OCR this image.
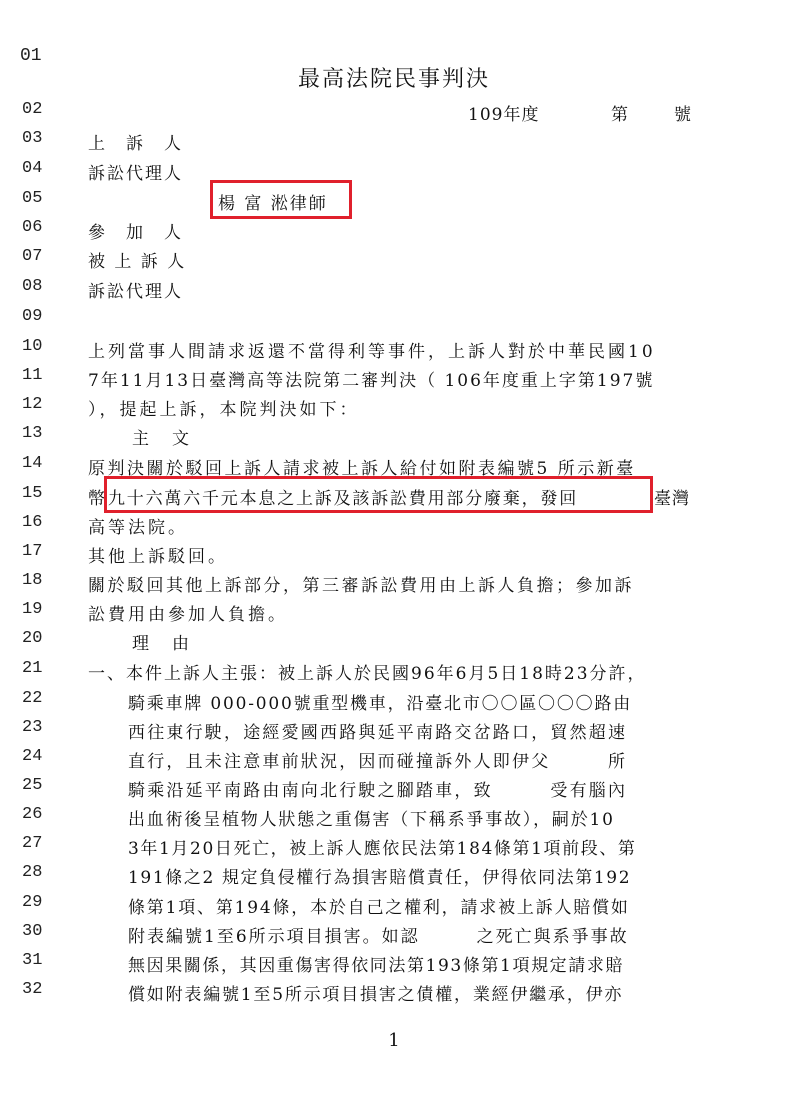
01
02
03
04
05
06
07
08
09
10
11
12
13
14
15
16
17
18
19
20
21
22
23
24
25
26
27
28
29
30
31
32
最高法院民事判決
109年度	第	號
上　訴　人
訴訟代理人
楊 富 淞律師
參　加　人
被 上 訴 人
訴訟代理人
上列當事人間請求返還不當得利等事件，上訴人對於中華民國10
7年11月13日臺灣高等法院第二審判決（ 106年度重上字第197號
），提起上訴，本院判決如下：
主　文
原判決關於駁回上訴人請求被上訴人給付如附表編號5 所示新臺
幣 九十六萬六千元本息之上訴及該訴訟費用部分廢棄，發回	臺灣
高等法院。
其他上訴駁回。
關於駁回其他上訴部分，第三審訴訟費用由上訴人負擔；參加訴
訟費用由參加人負擔。
理　由
一、本件上訴人主張：被上訴人於民國96年6月5日18時23分許，
騎乘車牌 000-000號重型機車，沿臺北市〇〇區〇〇〇路由
西往東行駛，途經愛國西路與延平南路交岔路口，貿然超速
直行，且未注意車前狀況，因而碰撞訴外人即伊父　　　所
騎乘沿延平南路由南向北行駛之腳踏車，致　　　受有腦內
出血術後呈植物人狀態之重傷害（下稱系爭事故），嗣於10
3年1月20日死亡，被上訴人應依民法第184條第1項前段、第
191條之2 規定負侵權行為損害賠償責任，伊得依同法第192
條第1項、第194條，本於自己之權利，請求被上訴人賠償如
附表編號1至6所示項目損害。如認　　　之死亡與系爭事故
無因果關係，其因重傷害得依同法第193條第1項規定請求賠
償如附表編號1至5所示項目損害之債權，業經伊繼承，伊亦
1
